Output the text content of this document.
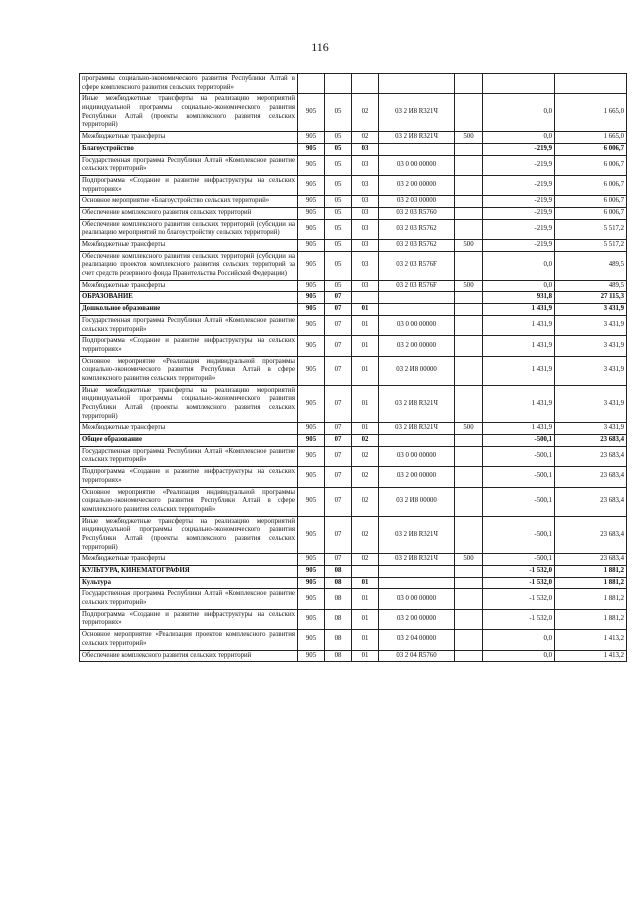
116
программы социально-экономического развития Республики Алтай в сфере комплексного развития сельских территорий»							
Иные межбюджетные трансферты на реализацию мероприятий индивидуальной программы социально-экономического развития Республики Алтай (проекты комплексного развития сельских территорий)	905	05	02	03 2 И8 R321Ч		0,0	1 665,0
Межбюджетные трансферты	905	05	02	03 2 И8 R321Ч	500	0,0	1 665,0
Благоустройство	905	05	03			-219,9	6 006,7
Государственная программа Республики Алтай «Комплексное развитие сельских территорий»	905	05	03	03 0 00 00000		-219,9	6 006,7
Подпрограмма «Создание и развитие инфраструктуры на сельских территориях»	905	05	03	03 2 00 00000		-219,9	6 006,7
Основное мероприятие «Благоустройство сельских территорий»	905	05	03	03 2 03 00000		-219,9	6 006,7
Обеспечение комплексного развития сельских территорий	905	05	03	03 2 03 R5760		-219,9	6 006,7
Обеспечение комплексного развития сельских территорий (субсидии на реализацию мероприятий по благоустройству сельских территорий)	905	05	03	03 2 03 R5762		-219,9	5 517,2
Межбюджетные трансферты	905	05	03	03 2 03 R5762	500	-219,9	5 517,2
Обеспечение комплексного развития сельских территорий (субсидии на реализацию проектов комплексного развития сельских территорий за счет средств резервного фонда Правительства Российской Федерации)	905	05	03	03 2 03 R576F		0,0	489,5
Межбюджетные трансферты	905	05	03	03 2 03 R576F	500	0,0	489,5
ОБРАЗОВАНИЕ	905	07				931,8	27 115,3
Дошкольное образование	905	07	01			1 431,9	3 431,9
Государственная программа Республики Алтай «Комплексное развитие сельских территорий»	905	07	01	03 0 00 00000		1 431,9	3 431,9
Подпрограмма «Создание и развитие инфраструктуры на сельских территориях»	905	07	01	03 2 00 00000		1 431,9	3 431,9
Основное мероприятие «Реализация индивидуальной программы социально-экономического развития Республики Алтай в сфере комплексного развития сельских территорий»	905	07	01	03 2 И8 00000		1 431,9	3 431,9
Иные межбюджетные трансферты на реализацию мероприятий индивидуальной программы социально-экономического развития Республики Алтай (проекты комплексного развития сельских территорий)	905	07	01	03 2 И8 R321Ч		1 431,9	3 431,9
Межбюджетные трансферты	905	07	01	03 2 И8 R321Ч	500	1 431,9	3 431,9
Общее образование	905	07	02			-500,1	23 683,4
Государственная программа Республики Алтай «Комплексное развитие сельских территорий»	905	07	02	03 0 00 00000		-500,1	23 683,4
Подпрограмма «Создание и развитие инфраструктуры на сельских территориях»	905	07	02	03 2 00 00000		-500,1	23 683,4
Основное мероприятие «Реализация индивидуальной программы социально-экономического развития Республики Алтай в сфере комплексного развития сельских территорий»	905	07	02	03 2 И8 00000		-500,1	23 683,4
Иные межбюджетные трансферты на реализацию мероприятий индивидуальной программы социально-экономического развития Республики Алтай (проекты комплексного развития сельских территорий)	905	07	02	03 2 И8 R321Ч		-500,1	23 683,4
Межбюджетные трансферты	905	07	02	03 2 И8 R321Ч	500	-500,1	23 683,4
КУЛЬТУРА, КИНЕМАТОГРАФИЯ	905	08				-1 532,0	1 881,2
Культура	905	08	01			-1 532,0	1 881,2
Государственная программа Республики Алтай «Комплексное развитие сельских территорий»	905	08	01	03 0 00 00000		-1 532,0	1 881,2
Подпрограмма «Создание и развитие инфраструктуры на сельских территориях»	905	08	01	03 2 00 00000		-1 532,0	1 881,2
Основное мероприятие «Реализация проектов комплексного развития сельских территорий»	905	08	01	03 2 04 00000		0,0	1 413,2
Обеспечение комплексного развития сельских территорий	905	08	01	03 2 04 R5760		0,0	1 413,2
